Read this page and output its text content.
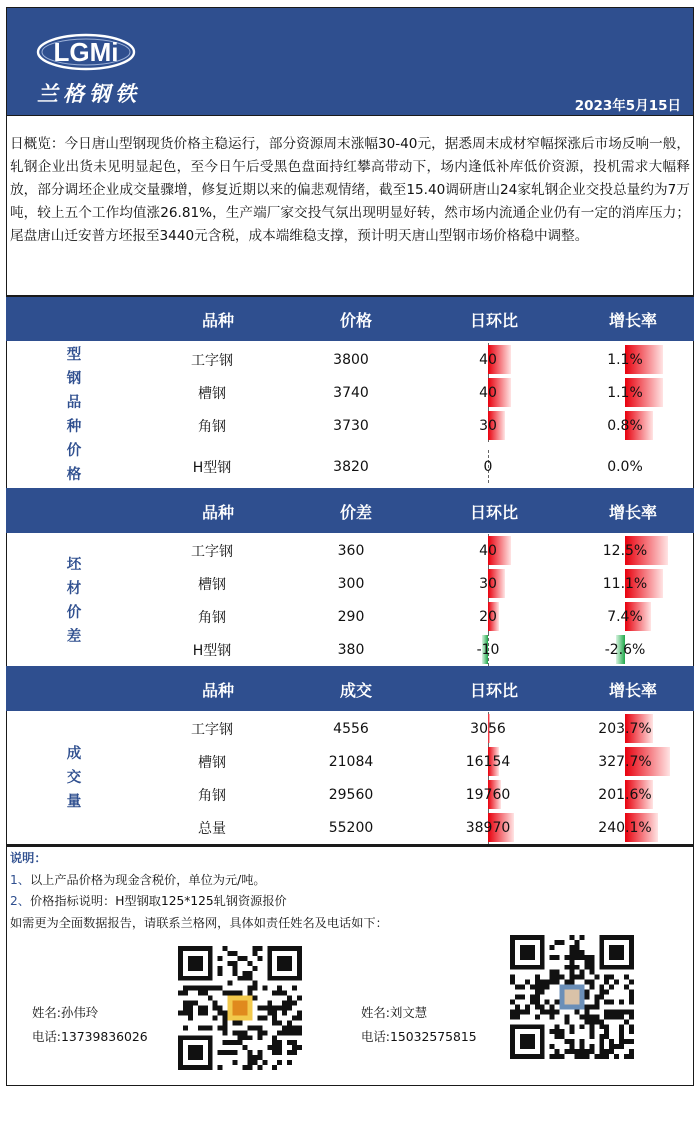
LGMi
兰格钢铁	2023年5月15日
日概览：今日唐山型钢现货价格主稳运行，部分资源周末涨幅30-40元，据悉周末成材窄幅探涨后市场反响一般，轧钢企业出货未见明显起色，至今日午后受黑色盘面持红攀高带动下，场内逢低补库低价资源，投机需求大幅释放，部分调坯企业成交量骤增，修复近期以来的偏悲观情绪，截至15.40调研唐山24家轧钢企业交投总量约为7万吨，较上五个工作均值涨26.81%，生产端厂家交投气氛出现明显好转，然市场内流通企业仍有一定的消库压力；尾盘唐山迁安普方坯报至3440元含税，成本端维稳支撑，预计明天唐山型钢市场价格稳中调整。
品种	价格	日环比	增长率
型钢品种价格
工字钢	3800	40	1.1%
槽钢	3740	40	1.1%
角钢	3730	30	0.8%
H型钢	3820	0	0.0%
品种	价差	日环比	增长率
坯材价差
工字钢	360	40	12.5%
槽钢	300	30	11.1%
角钢	290	20	7.4%
H型钢	380	-10	-2.6%
品种	成交	日环比	增长率
成交量
工字钢	4556	3056	203.7%
槽钢	21084	16154	327.7%
角钢	29560	19760	201.6%
总量	55200	38970	240.1%
说明：
1、以上产品价格为现金含税价，单位为元/吨。
2、价格指标说明：H型钢取125*125轧钢资源报价
如需更为全面数据报告，请联系兰格网，具体如责任姓名及电话如下：
姓名:孙伟玲
电话:13739836026
姓名:刘文慧
电话:15032575815
